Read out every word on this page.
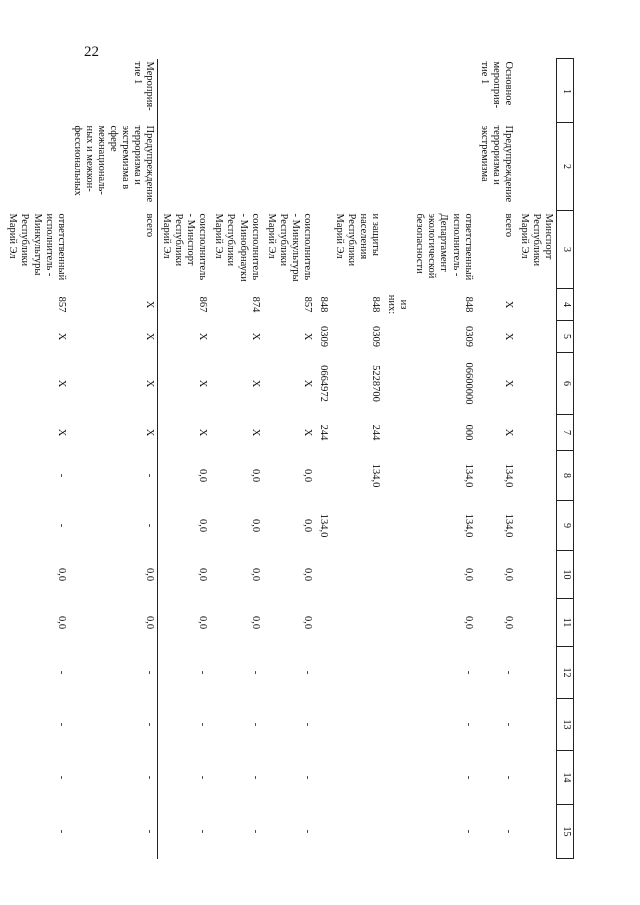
22
1	2	3	4	5	6	7	8	9	10	11	12	13	14	15
		Минспорт Республики Марий Эл												
Основное мероприя-тие 1	Предупреждение терроризма и экстремизма	всего	X	X	X	X	134,0	134,0	0,0	0,0	-	-	-	-
		ответственный исполнитель - Департамент экологической безопасности	848	0309	06600000	000	134,0	134,0	0,0	0,0	-	-	-	-
			из них:											
		и защиты населения Республики Марий Эл	848	0309	5228700	244	134,0							
			848	0309	0664972	244		134,0						
		соисполнитель - Минкультуры Республики Марий Эл	857	X	X	X	0,0	0,0	0,0	0,0	-	-	-	-
		соисполнитель - Минобрнауки Республики Марий Эл	874	X	X	X	0,0	0,0	0,0	0,0	-	-	-	-
		соисполнитель - Минспорт Республики Марий Эл	867	X	X	X	0,0	0,0	0,0	0,0	-	-	-	-
Мероприя-тие 1	Предупреждение терроризма и экстремизма в сфере межнациональ-ных и межкон-фессиональных	всего	X	X	X	X	-	-	0,0	0,0	-	-	-	-
		ответственный исполнитель - Минкультуры Республики Марий Эл	857	X	X	X	-	-	0,0	0,0	-	-	-	-
